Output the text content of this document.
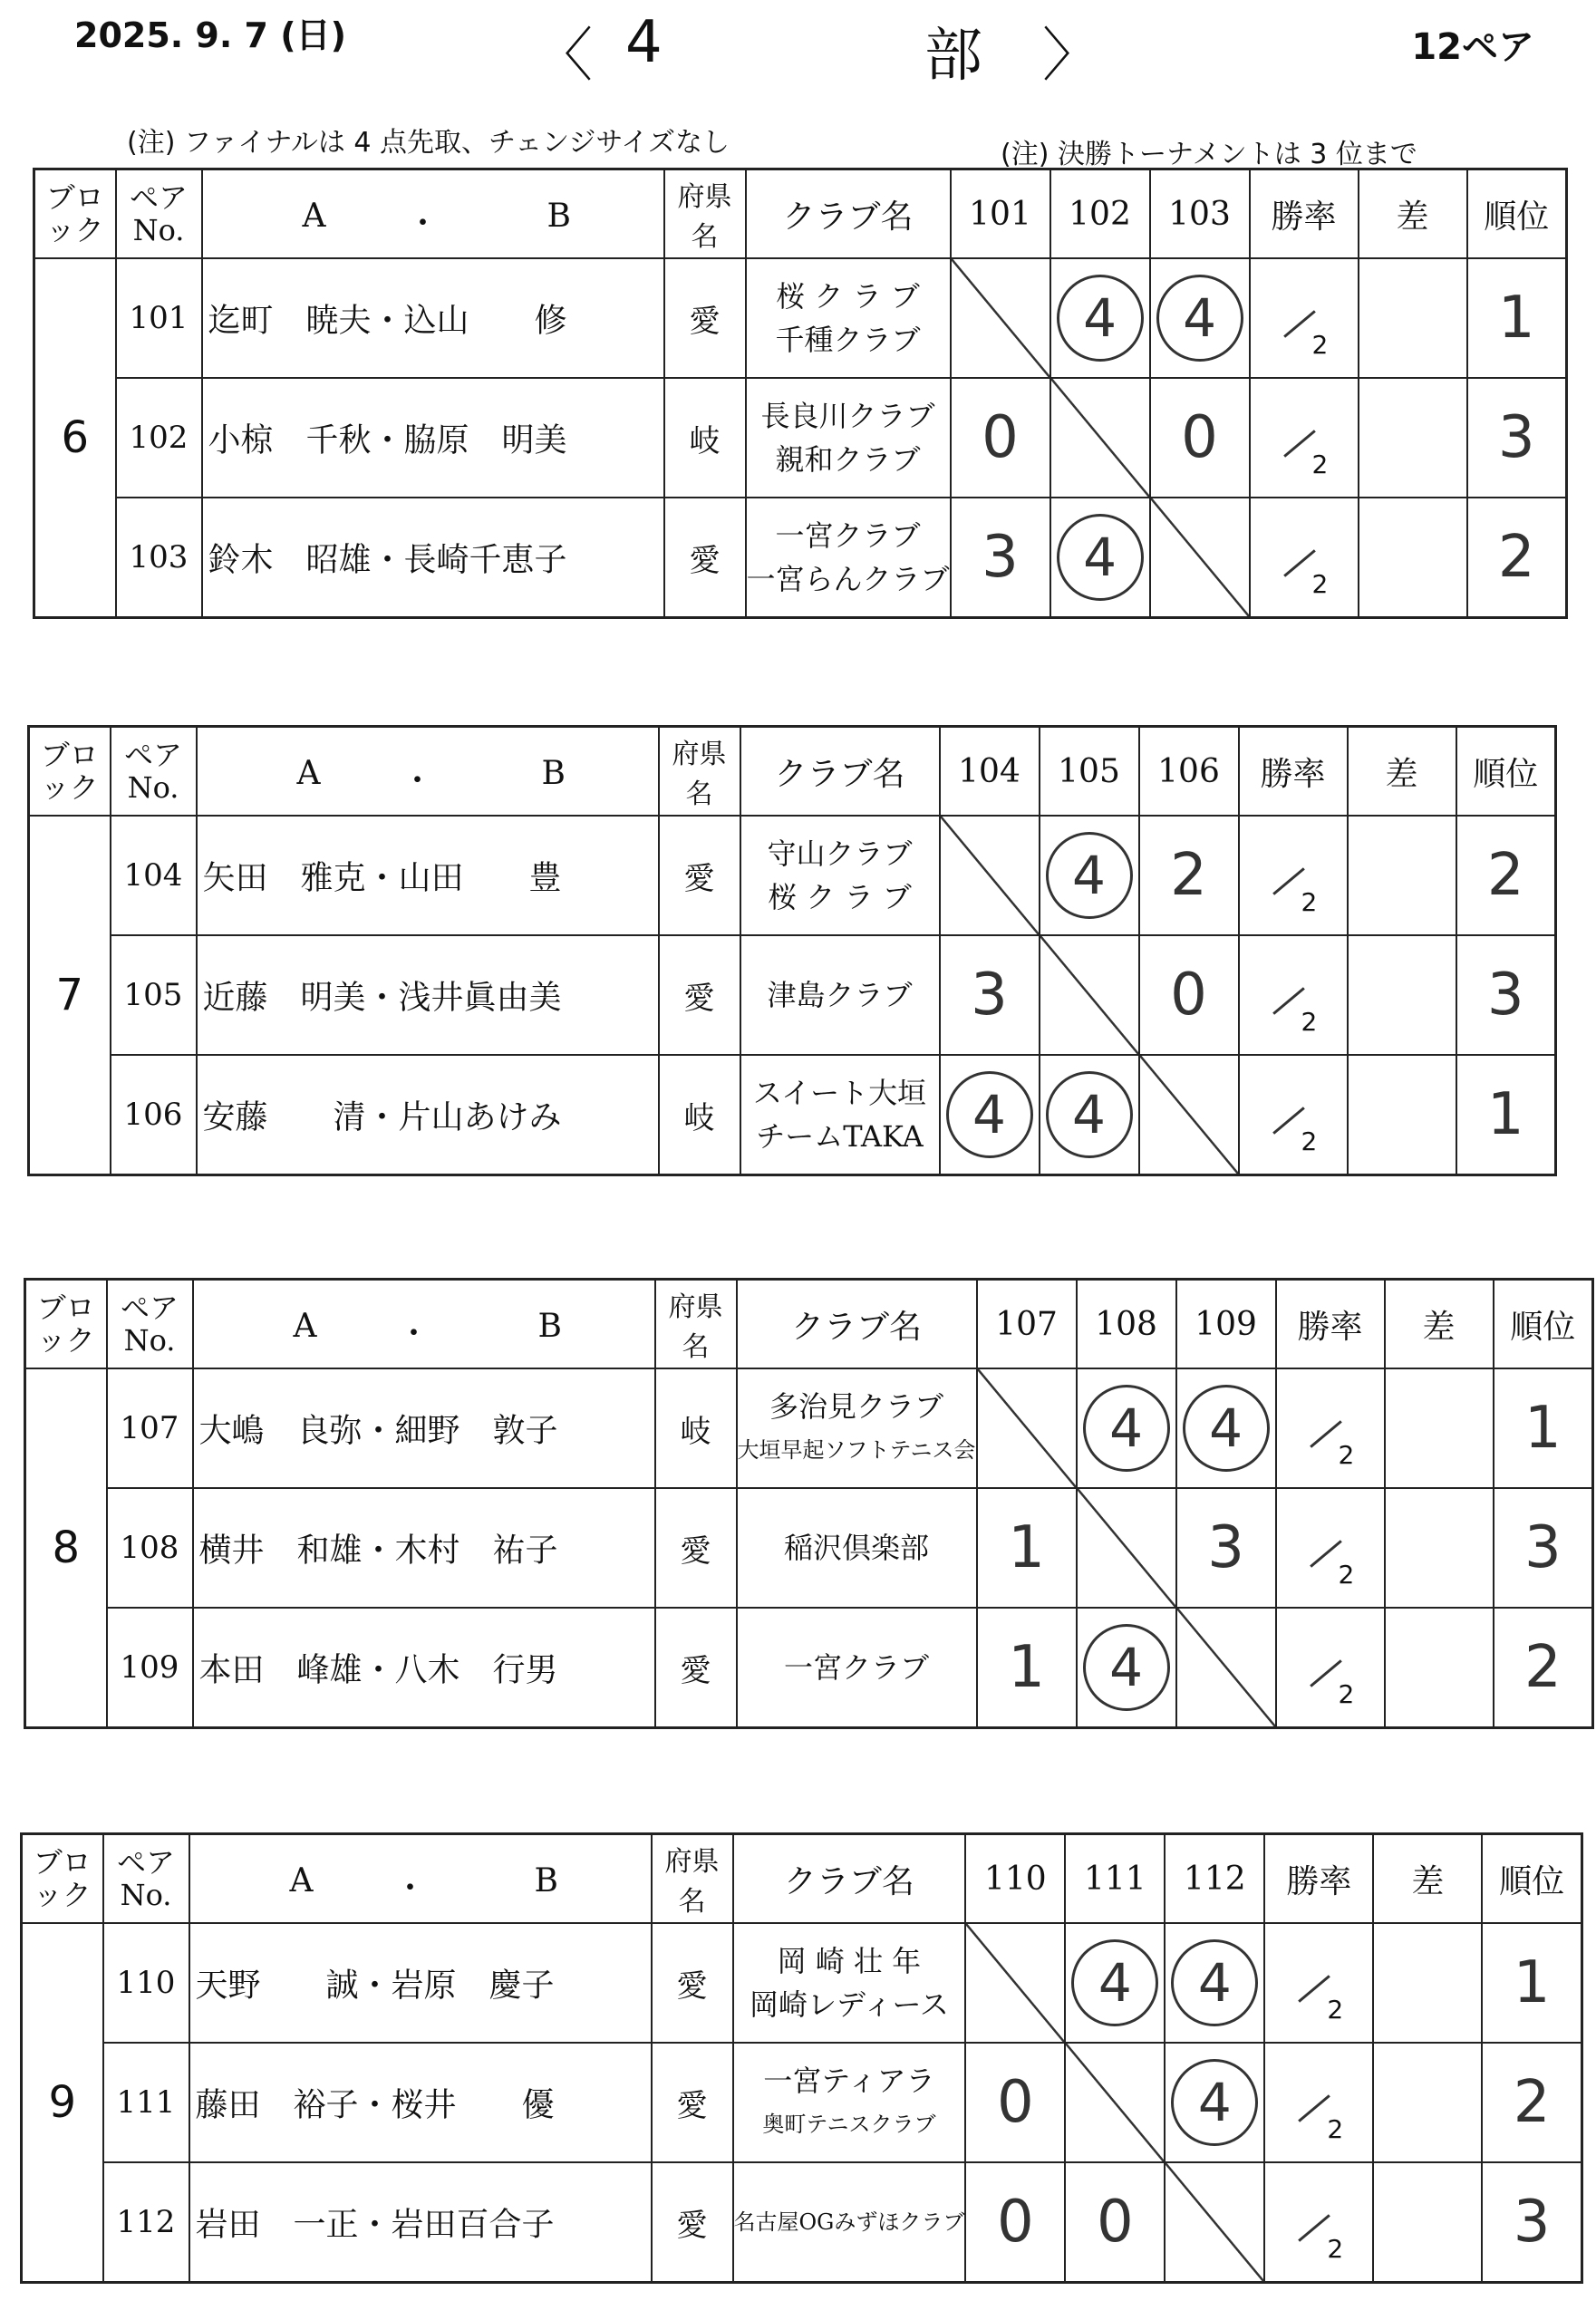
2025. 9. 7 (日)	〈 4	部 〉	12ペア
(注) ファイナルは 4 点先取、チェンジサイズなし	(注) 決勝トーナメントは 3 位まで
ブロ
ック	ペア
No.	A ・ B	府県名	クラブ名	101	102	103	勝率	差	順位
6	101	迄町　暁夫・込山　　修	愛	桜 ク ラ ブ
千種クラブ		4	4	2		1
	102	小椋　千秋・脇原　明美	岐	長良川クラブ
親和クラブ	0		0	2		3
	103	鈴木　昭雄・長崎千恵子	愛	一宮クラブ
一宮らんクラブ	3	4		2		2
ブロ
ック	ペア
No.	A ・ B	府県名	クラブ名	104	105	106	勝率	差	順位
7	104	矢田　雅克・山田　　豊	愛	守山クラブ
桜 ク ラ ブ		4	2	2		2
	105	近藤　明美・浅井眞由美	愛	津島クラブ	3		0	2		3
	106	安藤　　清・片山あけみ	岐	スイート大垣
チームTAKA	4	4		2		1
ブロ
ック	ペア
No.	A ・ B	府県名	クラブ名	107	108	109	勝率	差	順位
8	107	大嶋　良弥・細野　敦子	岐	多治見クラブ
大垣早起ソフトテニス会		4	4	2		1
	108	横井　和雄・木村　祐子	愛	稲沢倶楽部	1		3	2		3
	109	本田　峰雄・八木　行男	愛	一宮クラブ	1	4		2		2
ブロ
ック	ペア
No.	A ・ B	府県名	クラブ名	110	111	112	勝率	差	順位
9	110	天野　　誠・岩原　慶子	愛	岡 崎 壮 年
岡崎レディース		4	4	2		1
	111	藤田　裕子・桜井　　優	愛	一宮ティアラ
奥町テニスクラブ	0		4	2		2
	112	岩田　一正・岩田百合子	愛	名古屋OGみずほクラブ	0	0		2		3
